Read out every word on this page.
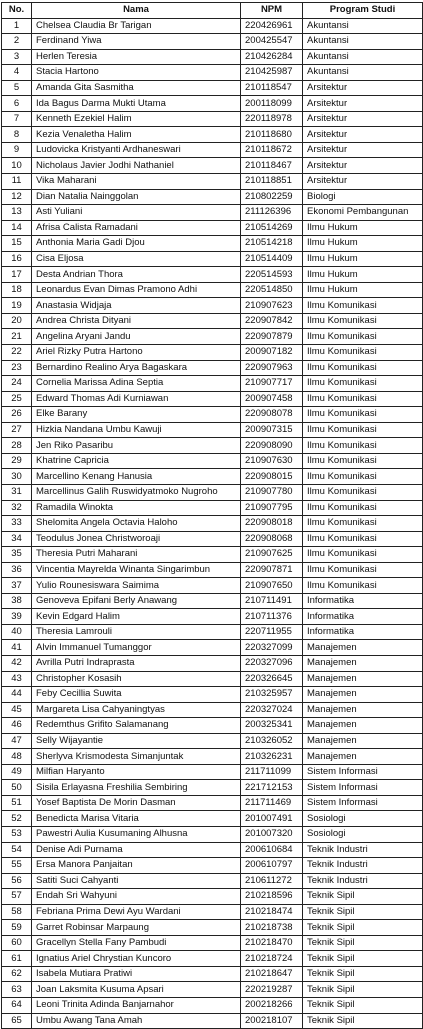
No.	Nama	NPM	Program Studi
1	Chelsea Claudia Br Tarigan	220426961	Akuntansi
2	Ferdinand Yiwa	200425547	Akuntansi
3	Herlen Teresia	210426284	Akuntansi
4	Stacia Hartono	210425987	Akuntansi
5	Amanda Gita Sasmitha	210118547	Arsitektur
6	Ida Bagus Darma Mukti Utama	200118099	Arsitektur
7	Kenneth Ezekiel Halim	220118978	Arsitektur
8	Kezia Venaletha Halim	210118680	Arsitektur
9	Ludovicka Kristyanti Ardhaneswari	210118672	Arsitektur
10	Nicholaus Javier Jodhi Nathaniel	210118467	Arsitektur
11	Vika Maharani	210118851	Arsitektur
12	Dian Natalia Nainggolan	210802259	Biologi
13	Asti Yuliani	211126396	Ekonomi Pembangunan
14	Afrisa Calista Ramadani	210514269	Ilmu Hukum
15	Anthonia Maria Gadi Djou	210514218	Ilmu Hukum
16	Cisa Eljosa	210514409	Ilmu Hukum
17	Desta Andrian Thora	220514593	Ilmu Hukum
18	Leonardus Evan Dimas Pramono Adhi	220514850	Ilmu Hukum
19	Anastasia Widjaja	210907623	Ilmu Komunikasi
20	Andrea Christa Dityani	220907842	Ilmu Komunikasi
21	Angelina Aryani Jandu	220907879	Ilmu Komunikasi
22	Ariel Rizky Putra Hartono	200907182	Ilmu Komunikasi
23	Bernardino Realino Arya Bagaskara	220907963	Ilmu Komunikasi
24	Cornelia Marissa Adina Septia	210907717	Ilmu Komunikasi
25	Edward Thomas Adi Kurniawan	200907458	Ilmu Komunikasi
26	Elke Barany	220908078	Ilmu Komunikasi
27	Hizkia Nandana Umbu Kawuji	200907315	Ilmu Komunikasi
28	Jen Riko Pasaribu	220908090	Ilmu Komunikasi
29	Khatrine Capricia	210907630	Ilmu Komunikasi
30	Marcellino Kenang Hanusia	220908015	Ilmu Komunikasi
31	Marcellinus Galih Ruswidyatmoko Nugroho	210907780	Ilmu Komunikasi
32	Ramadila Winokta	210907795	Ilmu Komunikasi
33	Shelomita Angela Octavia Haloho	220908018	Ilmu Komunikasi
34	Teodulus Jonea Christworoaji	220908068	Ilmu Komunikasi
35	Theresia Putri Maharani	210907625	Ilmu Komunikasi
36	Vincentia Mayrelda Winanta Singarimbun	220907871	Ilmu Komunikasi
37	Yulio Rounesiswara Saimima	210907650	Ilmu Komunikasi
38	Genoveva Epifani Berly Anawang	210711491	Informatika
39	Kevin Edgard Halim	210711376	Informatika
40	Theresia Lamrouli	220711955	Informatika
41	Alvin Immanuel Tumanggor	220327099	Manajemen
42	Avrilla Putri Indraprasta	220327096	Manajemen
43	Christopher Kosasih	220326645	Manajemen
44	Feby Cecillia Suwita	210325957	Manajemen
45	Margareta Lisa Cahyaningtyas	220327024	Manajemen
46	Redemthus Grifito Salamanang	200325341	Manajemen
47	Selly Wijayantie	210326052	Manajemen
48	Sherlyva Krismodesta Simanjuntak	210326231	Manajemen
49	Milfian Haryanto	211711099	Sistem Informasi
50	Sisila Erlayasna Freshilia Sembiring	221712153	Sistem Informasi
51	Yosef Baptista De Morin Dasman	211711469	Sistem Informasi
52	Benedicta Marisa Vitaria	201007491	Sosiologi
53	Pawestri Aulia Kusumaning Alhusna	201007320	Sosiologi
54	Denise Adi Purnama	200610684	Teknik Industri
55	Ersa Manora Panjaitan	200610797	Teknik Industri
56	Satiti Suci Cahyanti	210611272	Teknik Industri
57	Endah Sri Wahyuni	210218596	Teknik Sipil
58	Febriana Prima Dewi Ayu Wardani	210218474	Teknik Sipil
59	Garret Robinsar Marpaung	210218738	Teknik Sipil
60	Gracellyn Stella Fany Pambudi	210218470	Teknik Sipil
61	Ignatius Ariel Chrystian Kuncoro	210218724	Teknik Sipil
62	Isabela Mutiara Pratiwi	210218647	Teknik Sipil
63	Joan Laksmita Kusuma Apsari	220219287	Teknik Sipil
64	Leoni Trinita Adinda Banjarnahor	200218266	Teknik Sipil
65	Umbu Awang Tana Amah	200218107	Teknik Sipil
